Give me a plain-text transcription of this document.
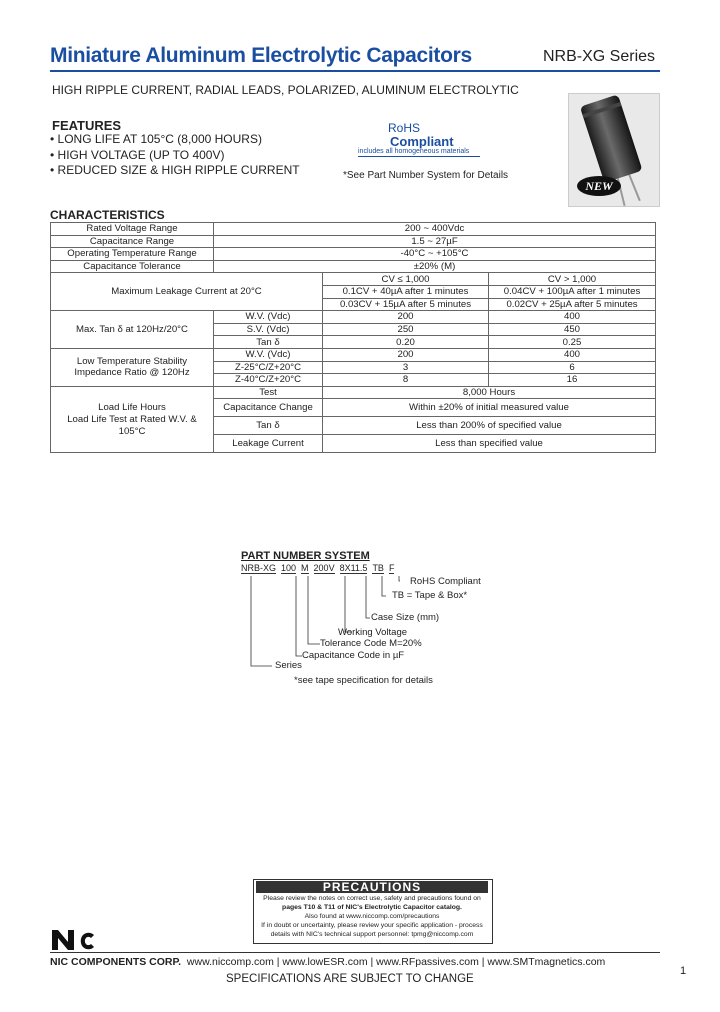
Miniature Aluminum Electrolytic Capacitors	NRB-XG Series
HIGH RIPPLE CURRENT, RADIAL LEADS, POLARIZED, ALUMINUM ELECTROLYTIC
FEATURES
• LONG LIFE AT 105°C (8,000 HOURS)
• HIGH VOLTAGE (UP TO 400V)
• REDUCED SIZE & HIGH RIPPLE CURRENT
RoHS
Compliant
includes all homogeneous materials
*See Part Number System for Details
NEW
CHARACTERISTICS
Rated Voltage Range	200 ~ 400Vdc		
Capacitance Range	1.5 ~ 27µF		
Operating Temperature Range	-40°C ~ +105°C		
Capacitance Tolerance	±20% (M)		
Maximum Leakage Current at 20°C		CV ≤ 1,000	CV > 1,000
		0.1CV + 40µA after 1 minutes	0.04CV + 100µA after 1 minutes
		0.03CV + 15µA after 5 minutes	0.02CV + 25µA after 5 minutes
Max. Tan δ at 120Hz/20°C	W.V. (Vdc)	200	400
	S.V. (Vdc)	250	450
	Tan δ	0.20	0.25
Low Temperature Stability
Impedance Ratio @ 120Hz	W.V. (Vdc)	200	400
	Z-25°C/Z+20°C	3	6
	Z-40°C/Z+20°C	8	16
Load Life Hours
Load Life Test at Rated W.V. & 105°C	Test	8,000 Hours	
	Capacitance Change	Within ±20% of initial measured value	
	Tan δ	Less than 200% of specified value	
	Leakage Current	Less than specified value	
PART NUMBER SYSTEM
NRB-XG 100 M 200V 8X11.5 TB F
RoHS Compliant
TB = Tape & Box*
Case Size (mm)
Working Voltage
Tolerance Code M=20%
Capacitance Code in µF
Series
*see tape specification for details
PRECAUTIONS
Please review the notes on correct use, safety and precautions found on
pages T10 & T11 of NIC's Electrolytic Capacitor catalog.
Also found at www.niccomp.com/precautions
If in doubt or uncertainty, please review your specific application - process
details with NIC's technical support personnel: tpmg@niccomp.com
NIC COMPONENTS CORP. www.niccomp.com | www.lowESR.com | www.RFpassives.com | www.SMTmagnetics.com
SPECIFICATIONS ARE SUBJECT TO CHANGE
1
